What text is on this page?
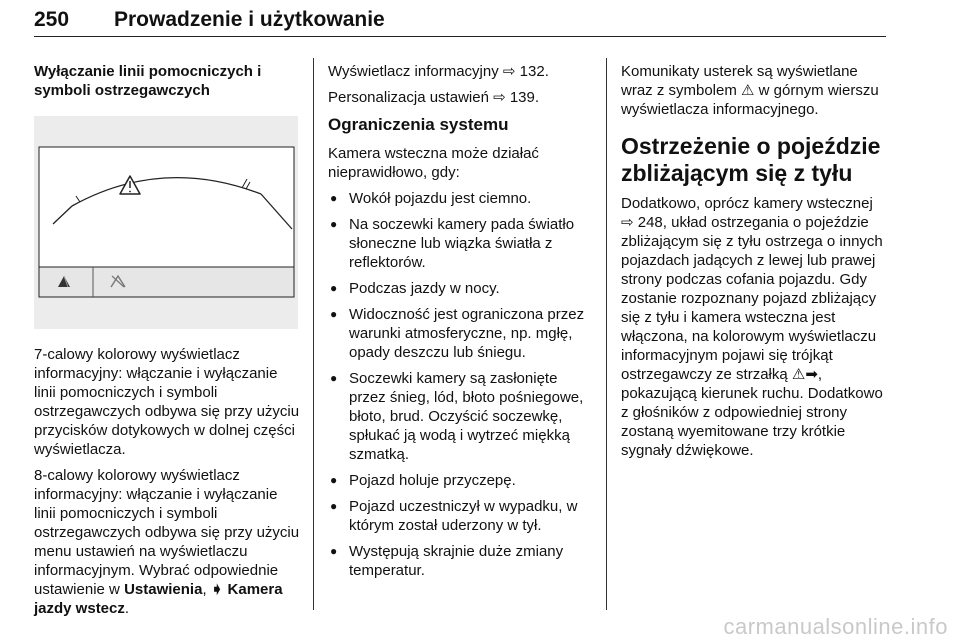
250 Prowadzenie i użytkowanie
Wyłączanie linii pomocniczych i symboli ostrzegawczych

7-calowy kolorowy wyświetlacz informacyjny: włączanie i wyłączanie linii pomocniczych i symboli ostrzegawczych odbywa się przy użyciu przycisków dotykowych w dolnej części wyświetlacza.

8-calowy kolorowy wyświetlacz informacyjny: włączanie i wyłączanie linii pomocniczych i symboli ostrzegawczych odbywa się przy użyciu menu ustawień na wyświetlaczu informacyjnym. Wybrać odpowiednie ustawienie w Ustawienia, ➧ Kamera jazdy wstecz.

Wyświetlacz informacyjny ⇨ 132.

Personalizacja ustawień ⇨ 139.

Ograniczenia systemu

Kamera wsteczna może działać nieprawidłowo, gdy:

● Wokół pojazdu jest ciemno.
● Na soczewki kamery pada światło słoneczne lub wiązka światła z reflektorów.
● Podczas jazdy w nocy.
● Widoczność jest ograniczona przez warunki atmosferyczne, np. mgłę, opady deszczu lub śniegu.
● Soczewki kamery są zasłonięte przez śnieg, lód, błoto pośniegowe, błoto, brud. Oczyścić soczewkę, spłukać ją wodą i wytrzeć miękką szmatką.
● Pojazd holuje przyczepę.
● Pojazd uczestniczył w wypadku, w którym został uderzony w tył.
● Występują skrajnie duże zmiany temperatur.

Komunikaty usterek są wyświetlane wraz z symbolem ⚠ w górnym wierszu wyświetlacza informacyjnego.

Ostrzeżenie o pojeździe zbliżającym się z tyłu

Dodatkowo, oprócz kamery wstecznej ⇨ 248, układ ostrzegania o pojeździe zbliżającym się z tyłu ostrzega o innych pojazdach jadących z lewej lub prawej strony podczas cofania pojazdu. Gdy zostanie rozpoznany pojazd zbliżający się z tyłu i kamera wsteczna jest włączona, na kolorowym wyświetlaczu informacyjnym pojawi się trójkąt ostrzegawczy ze strzałką ⚠➡, pokazującą kierunek ruchu. Dodatkowo z głośników z odpowiedniej strony zostaną wyemitowane trzy krótkie sygnały dźwiękowe.

carmanualsonline.info
